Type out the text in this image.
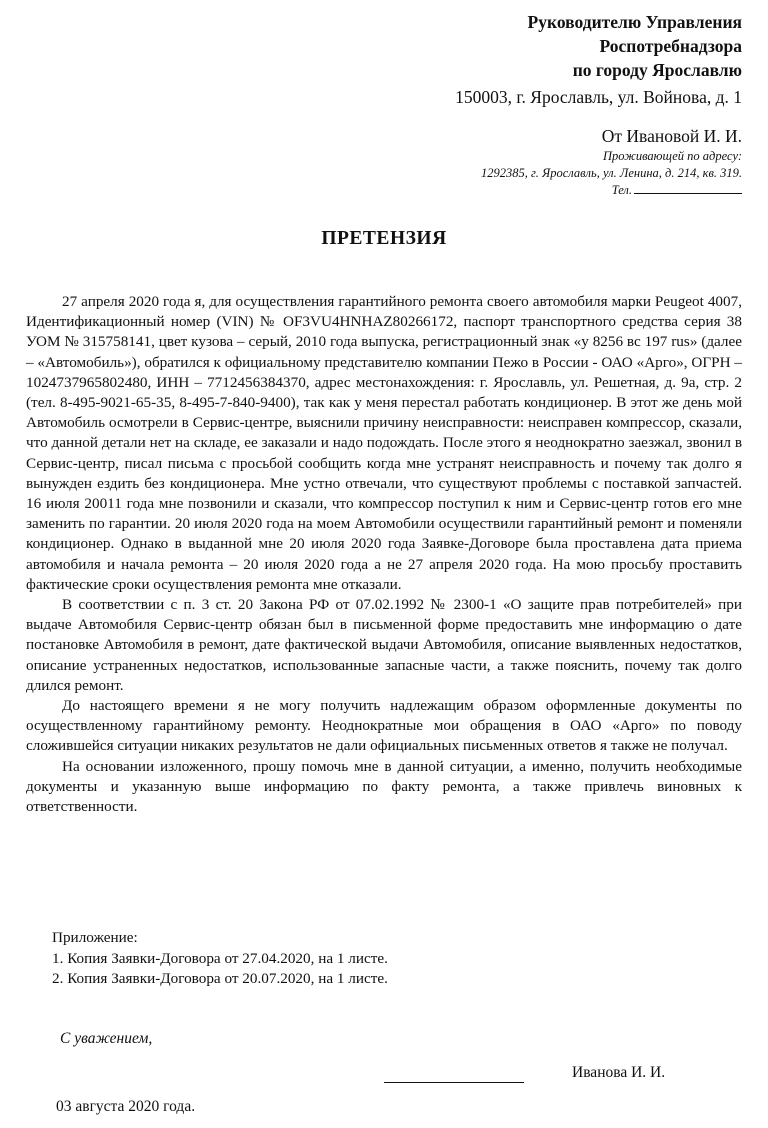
Руководителю Управления
Роспотребнадзора
по городу Ярославлю
150003, г. Ярославль, ул. Войнова, д. 1
От Ивановой И. И.
Проживающей по адресу:
1292385, г. Ярославль, ул. Ленина, д. 214, кв. 319.
Тел.
ПРЕТЕНЗИЯ

27 апреля 2020 года я, для осуществления гарантийного ремонта своего автомобиля марки Peugeot 4007, Идентификационный номер (VIN) № OF3VU4HNHAZ80266172, паспорт транспортного средства серия 38 УОМ № 315758141, цвет кузова – серый, 2010 года выпуска, регистрационный знак «у 8256 вс 197 rus» (далее – «Автомобиль»), обратился к официальному представителю компании Пежо в России - ОАО «Арго», ОГРН – 1024737965802480, ИНН – 7712456384370, адрес местонахождения: г. Ярославль, ул. Решетная, д. 9а, стр. 2 (тел. 8-495-9021-65-35, 8-495-7-840-9400), так как у меня перестал работать кондиционер. В этот же день мой Автомобиль осмотрели в Сервис-центре, выяснили причину неисправности: неисправен компрессор, сказали, что данной детали нет на складе, ее заказали и надо подождать. После этого я неоднократно заезжал, звонил в Сервис-центр, писал письма с просьбой сообщить когда мне устранят неисправность и почему так долго я вынужден ездить без кондиционера. Мне устно отвечали, что существуют проблемы с поставкой запчастей. 16 июля 20011 года мне позвонили и сказали, что компрессор поступил к ним и Сервис-центр готов его мне заменить по гарантии. 20 июля 2020 года на моем Автомобили осуществили гарантийный ремонт и поменяли кондиционер. Однако в выданной мне 20 июля 2020 года Заявке-Договоре была проставлена дата приема автомобиля и начала ремонта – 20 июля 2020 года а не 27 апреля 2020 года. На мою просьбу проставить фактические сроки осуществления ремонта мне отказали.

В соответствии с п. 3 ст. 20 Закона РФ от 07.02.1992 № 2300-1 «О защите прав потребителей» при выдаче Автомобиля Сервис-центр обязан был в письменной форме предоставить мне информацию о дате постановке Автомобиля в ремонт, дате фактической выдачи Автомобиля, описание выявленных недостатков, описание устраненных недостатков, использованные запасные части, а также пояснить, почему так долго длился ремонт.

До настоящего времени я не могу получить надлежащим образом оформленные документы по осуществленному гарантийному ремонту. Неоднократные мои обращения в ОАО «Арго» по поводу сложившейся ситуации никаких результатов не дали официальных письменных ответов я также не получал.

На основании изложенного, прошу помочь мне в данной ситуации, а именно, получить необходимые документы и указанную выше информацию по факту ремонта, а также привлечь виновных к ответственности.

Приложение:
1. Копия Заявки-Договора от 27.04.2020, на 1 листе.
2. Копия Заявки-Договора от 20.07.2020, на 1 листе.
С уважением,
Иванова И. И.
03 августа 2020 года.
